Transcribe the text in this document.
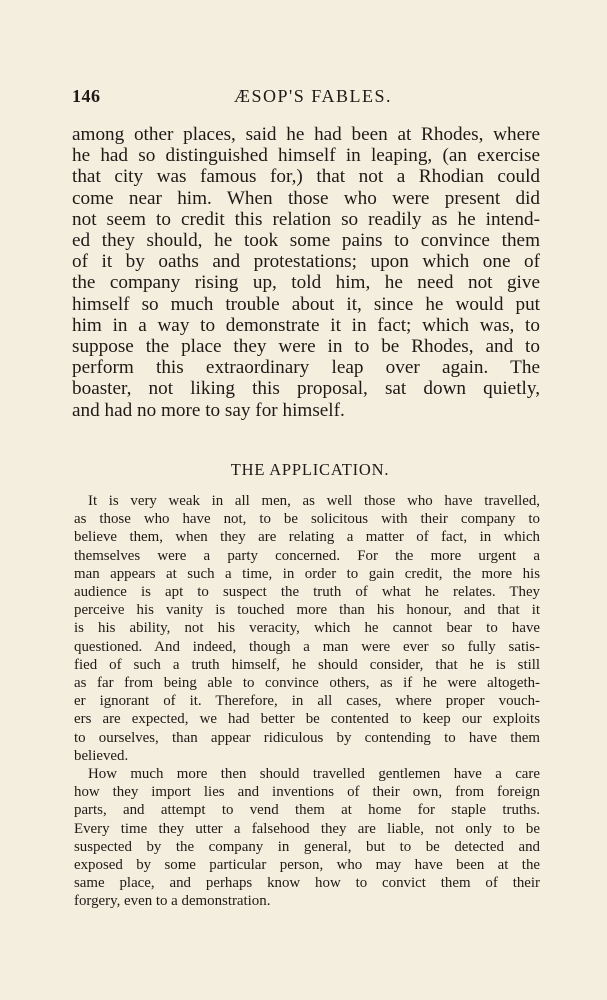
146	ÆSOP'S FABLES.
among other places, said he had been at Rhodes, where
he had so distinguished himself in leaping, (an exercise
that city was famous for,) that not a Rhodian could
come near him. When those who were present did
not seem to credit this relation so readily as he intend-
ed they should, he took some pains to convince them
of it by oaths and protestations; upon which one of
the company rising up, told him, he need not give
himself so much trouble about it, since he would put
him in a way to demonstrate it in fact; which was, to
suppose the place they were in to be Rhodes, and to
perform this extraordinary leap over again. The
boaster, not liking this proposal, sat down quietly,
and had no more to say for himself.
THE APPLICATION.
It is very weak in all men, as well those who have travelled,
as those who have not, to be solicitous with their company to
believe them, when they are relating a matter of fact, in which
themselves were a party concerned. For the more urgent a
man appears at such a time, in order to gain credit, the more his
audience is apt to suspect the truth of what he relates. They
perceive his vanity is touched more than his honour, and that it
is his ability, not his veracity, which he cannot bear to have
questioned. And indeed, though a man were ever so fully satis-
fied of such a truth himself, he should consider, that he is still
as far from being able to convince others, as if he were altogeth-
er ignorant of it. Therefore, in all cases, where proper vouch-
ers are expected, we had better be contented to keep our exploits
to ourselves, than appear ridiculous by contending to have them
believed.
How much more then should travelled gentlemen have a care
how they import lies and inventions of their own, from foreign
parts, and attempt to vend them at home for staple truths.
Every time they utter a falsehood they are liable, not only to be
suspected by the company in general, but to be detected and
exposed by some particular person, who may have been at the
same place, and perhaps know how to convict them of their
forgery, even to a demonstration.
